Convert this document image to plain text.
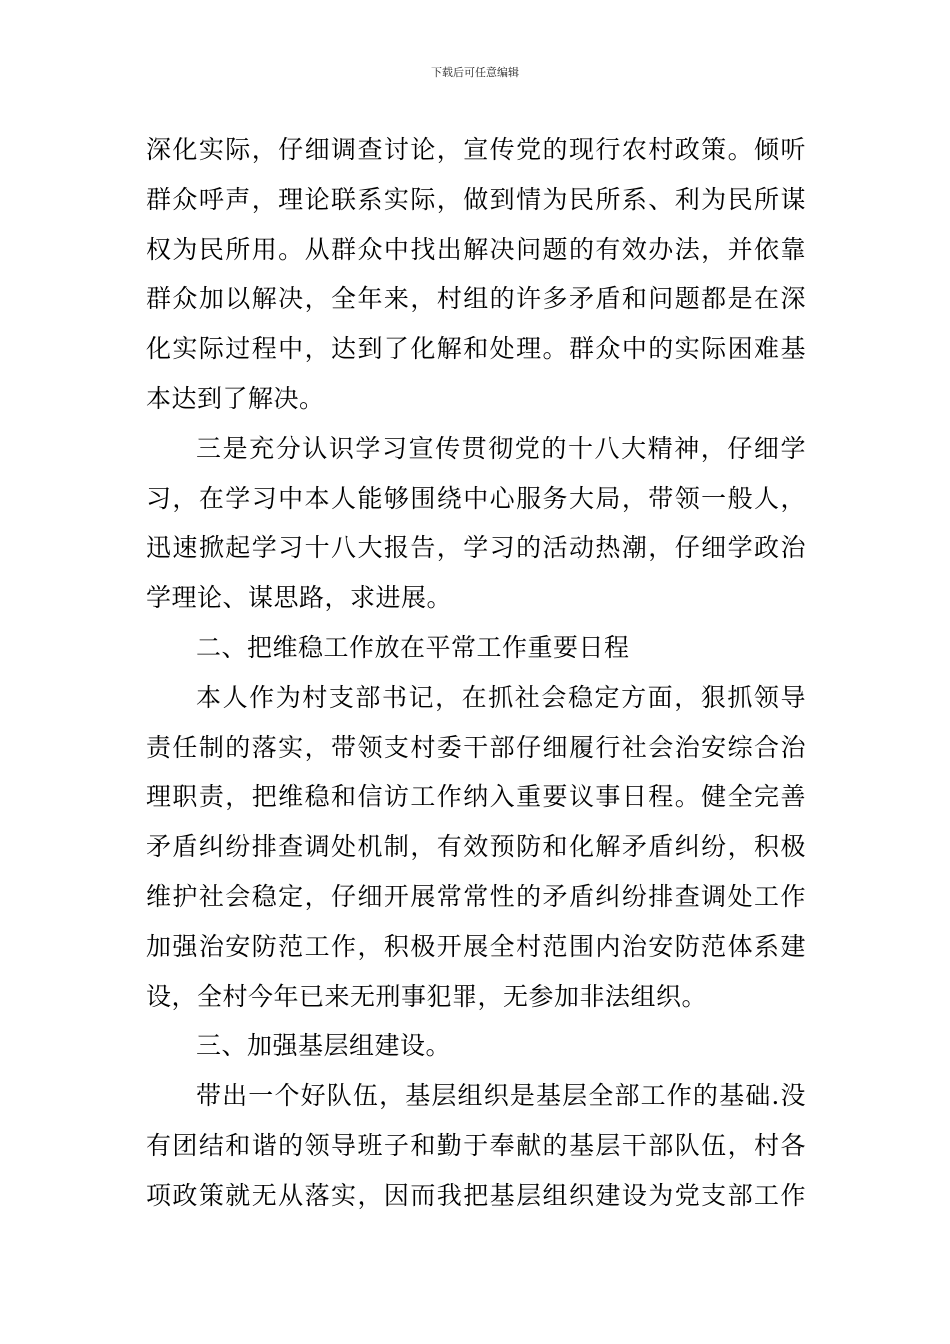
下载后可任意编辑
深化实际，仔细调查讨论，宣传党的现行农村政策。倾听
群众呼声，理论联系实际，做到情为民所系、利为民所谋
权为民所用。从群众中找出解决问题的有效办法，并依靠
群众加以解决，全年来，村组的许多矛盾和问题都是在深
化实际过程中，达到了化解和处理。群众中的实际困难基
本达到了解决。
三是充分认识学习宣传贯彻党的十八大精神，仔细学
习，在学习中本人能够围绕中心服务大局，带领一般人，
迅速掀起学习十八大报告，学习的活动热潮，仔细学政治
学理论、谋思路，求进展。
二、把维稳工作放在平常工作重要日程
本人作为村支部书记，在抓社会稳定方面，狠抓领导
责任制的落实，带领支村委干部仔细履行社会治安综合治
理职责，把维稳和信访工作纳入重要议事日程。健全完善
矛盾纠纷排查调处机制，有效预防和化解矛盾纠纷，积极
维护社会稳定，仔细开展常常性的矛盾纠纷排查调处工作
加强治安防范工作，积极开展全村范围内治安防范体系建
设，全村今年已来无刑事犯罪，无参加非法组织。
三、加强基层组建设。
带出一个好队伍，基层组织是基层全部工作的基础.没
有团结和谐的领导班子和勤于奉献的基层干部队伍，村各
项政策就无从落实，因而我把基层组织建设为党支部工作
